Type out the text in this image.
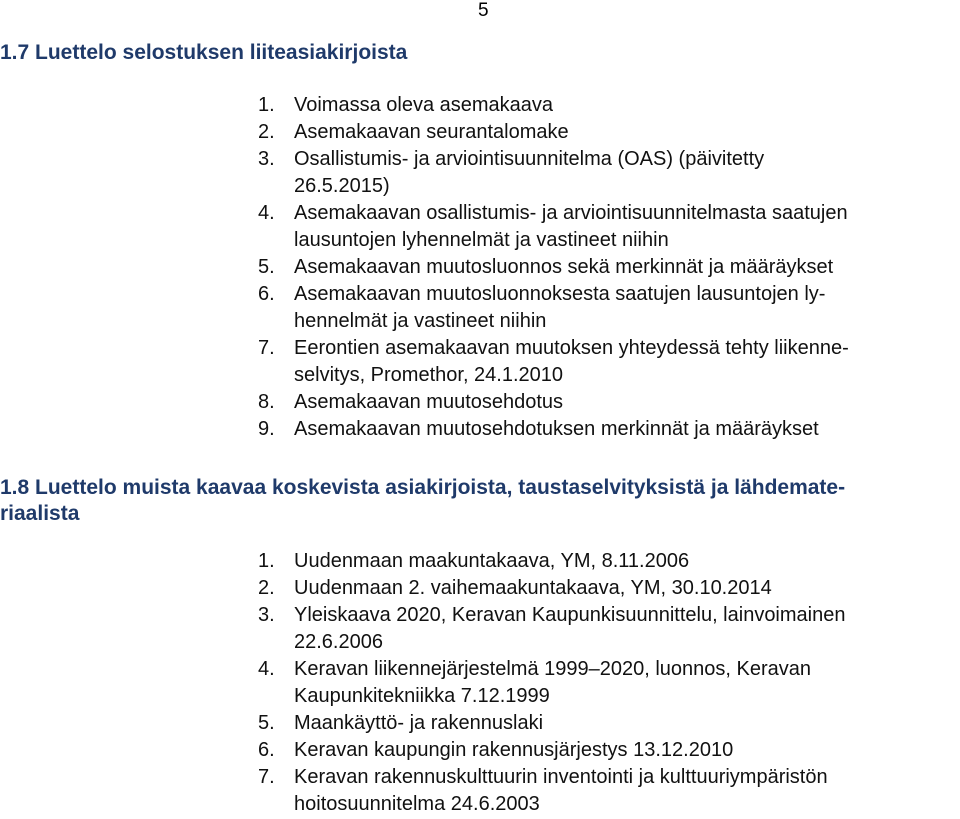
5
1.7 Luettelo selostuksen liiteasiakirjoista
1. Voimassa oleva asemakaava
2. Asemakaavan seurantalomake
3. Osallistumis- ja arviointisuunnitelma (OAS) (päivitetty
26.5.2015)
4. Asemakaavan osallistumis- ja arviointisuunnitelmasta saatujen
lausuntojen lyhennelmät ja vastineet niihin
5. Asemakaavan muutosluonnos sekä merkinnät ja määräykset
6. Asemakaavan muutosluonnoksesta saatujen lausuntojen ly-
hennelmät ja vastineet niihin
7. Eerontien asemakaavan muutoksen yhteydessä tehty liikenne-
selvitys, Promethor, 24.1.2010
8. Asemakaavan muutosehdotus
9. Asemakaavan muutosehdotuksen merkinnät ja määräykset
1.8 Luettelo muista kaavaa koskevista asiakirjoista, taustaselvityksistä ja lähdemate-
riaalista
1. Uudenmaan maakuntakaava, YM, 8.11.2006
2. Uudenmaan 2. vaihemaakuntakaava, YM, 30.10.2014
3. Yleiskaava 2020, Keravan Kaupunkisuunnittelu, lainvoimainen
22.6.2006
4. Keravan liikennejärjestelmä 1999–2020, luonnos, Keravan
Kaupunkitekniikka 7.12.1999
5. Maankäyttö- ja rakennuslaki
6. Keravan kaupungin rakennusjärjestys 13.12.2010
7. Keravan rakennuskulttuurin inventointi ja kulttuuriympäristön
hoitosuunnitelma 24.6.2003
